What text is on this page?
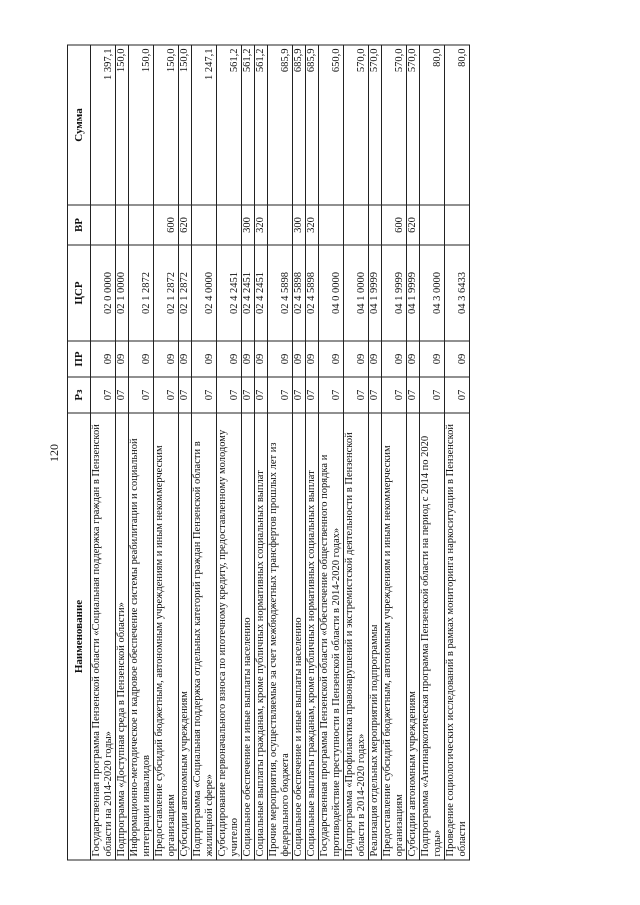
120
Наименование	Рз	ПР	ЦСР	ВР	Сумма
Государственная программа Пензенской области «Социальная поддержка граждан в Пензенской области на 2014-2020 годы»	07	09	02 0 0000		1 397,1
Подпрограмма «Доступная среда в Пензенской области»	07	09	02 1 0000		150,0
Информационно-методическое и кадровое обеспечение системы реабилитации и социальной интеграции инвалидов	07	09	02 1 2872		150,0
Предоставление субсидий бюджетным, автономным учреждениям и иным некоммерческим организациям	07	09	02 1 2872	600	150,0
Субсидии автономным учреждениям	07	09	02 1 2872	620	150,0
Подпрограмма «Социальная поддержка отдельных категорий граждан Пензенской области в жилищной сфере»	07	09	02 4 0000		1 247,1
Субсидирование первоначального взноса по ипотечному кредиту, предоставленному молодому учителю	07	09	02 4 2451		561,2
Социальное обеспечение и иные выплаты населению	07	09	02 4 2451	300	561,2
Социальные выплаты гражданам, кроме публичных нормативных социальных выплат	07	09	02 4 2451	320	561,2
Прочие мероприятия, осуществляемые за счет межбюджетных трансфертов прошлых лет из федерального бюджета	07	09	02 4 5898		685,9
Социальное обеспечение и иные выплаты населению	07	09	02 4 5898	300	685,9
Социальные выплаты гражданам, кроме публичных нормативных социальных выплат	07	09	02 4 5898	320	685,9
Государственная программа Пензенской области «Обеспечение общественного порядка и противодействие преступности в Пензенской области в 2014-2020 годах»	07	09	04 0 0000		650,0
Подпрограмма «Профилактика правонарушений и экстремистской деятельности в Пензенской области в 2014-2020 годах»	07	09	04 1 0000		570,0
Реализация отдельных мероприятий подпрограммы	07	09	04 1 9999		570,0
Предоставление субсидий бюджетным, автономным учреждениям и иным некоммерческим организациям	07	09	04 1 9999	600	570,0
Субсидии автономным учреждениям	07	09	04 1 9999	620	570,0
Подпрограмма «Антинаркотическая программа Пензенской области на период с 2014 по 2020 годы»	07	09	04 3 0000		80,0
Проведение социологических исследований в рамках мониторинга наркоситуации в Пензенской области	07	09	04 3 6433		80,0
